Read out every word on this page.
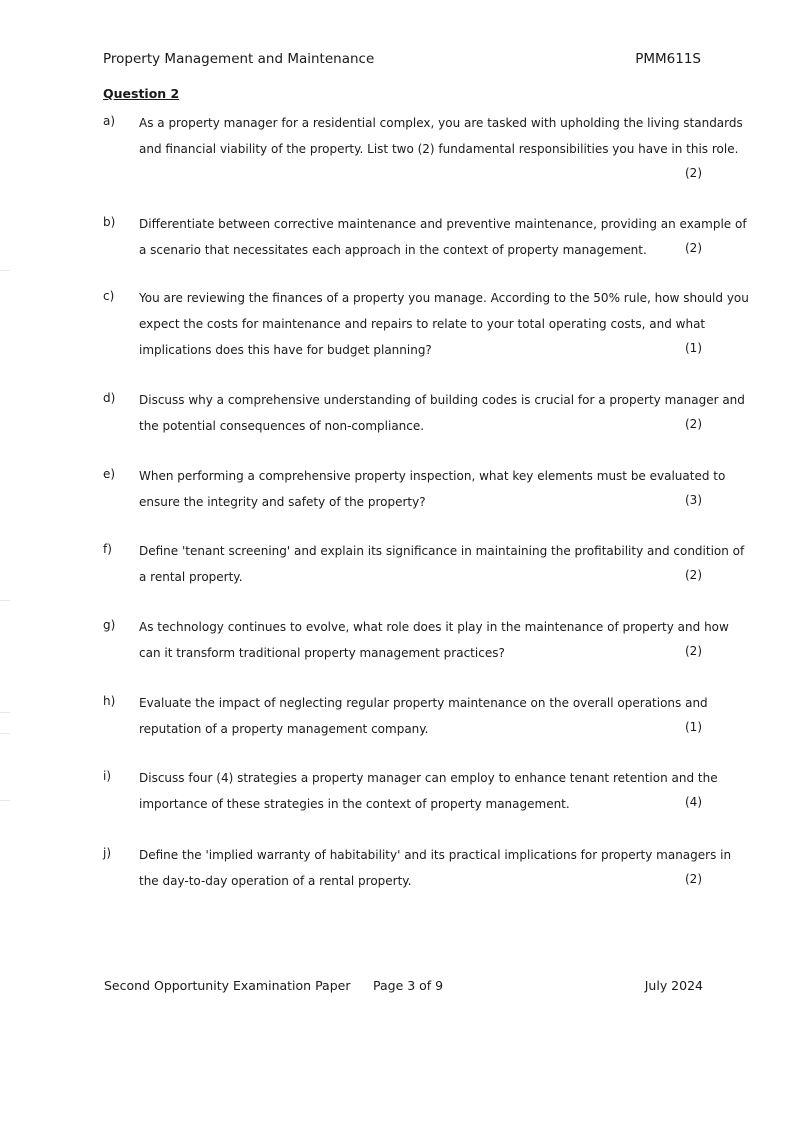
Property Management and Maintenance	PMM611S
Question 2
a) As a property manager for a residential complex, you are tasked with upholding the living standards
and financial viability of the property. List two (2) fundamental responsibilities you have in this role.
(2)
b) Differentiate between corrective maintenance and preventive maintenance, providing an example of
a scenario that necessitates each approach in the context of property management.	(2)
c) You are reviewing the finances of a property you manage. According to the 50% rule, how should you
expect the costs for maintenance and repairs to relate to your total operating costs, and what
implications does this have for budget planning?	(1)
d) Discuss why a comprehensive understanding of building codes is crucial for a property manager and
the potential consequences of non-compliance.	(2)
e) When performing a comprehensive property inspection, what key elements must be evaluated to
ensure the integrity and safety of the property?	(3)
f) Define 'tenant screening' and explain its significance in maintaining the profitability and condition of
a rental property.	(2)
g) As technology continues to evolve, what role does it play in the maintenance of property and how
can it transform traditional property management practices?	(2)
h) Evaluate the impact of neglecting regular property maintenance on the overall operations and
reputation of a property management company.	(1)
i) Discuss four (4) strategies a property manager can employ to enhance tenant retention and the
importance of these strategies in the context of property management.	(4)
j) Define the 'implied warranty of habitability' and its practical implications for property managers in
the day-to-day operation of a rental property.	(2)
Second Opportunity Examination Paper Page 3 of 9	July 2024
